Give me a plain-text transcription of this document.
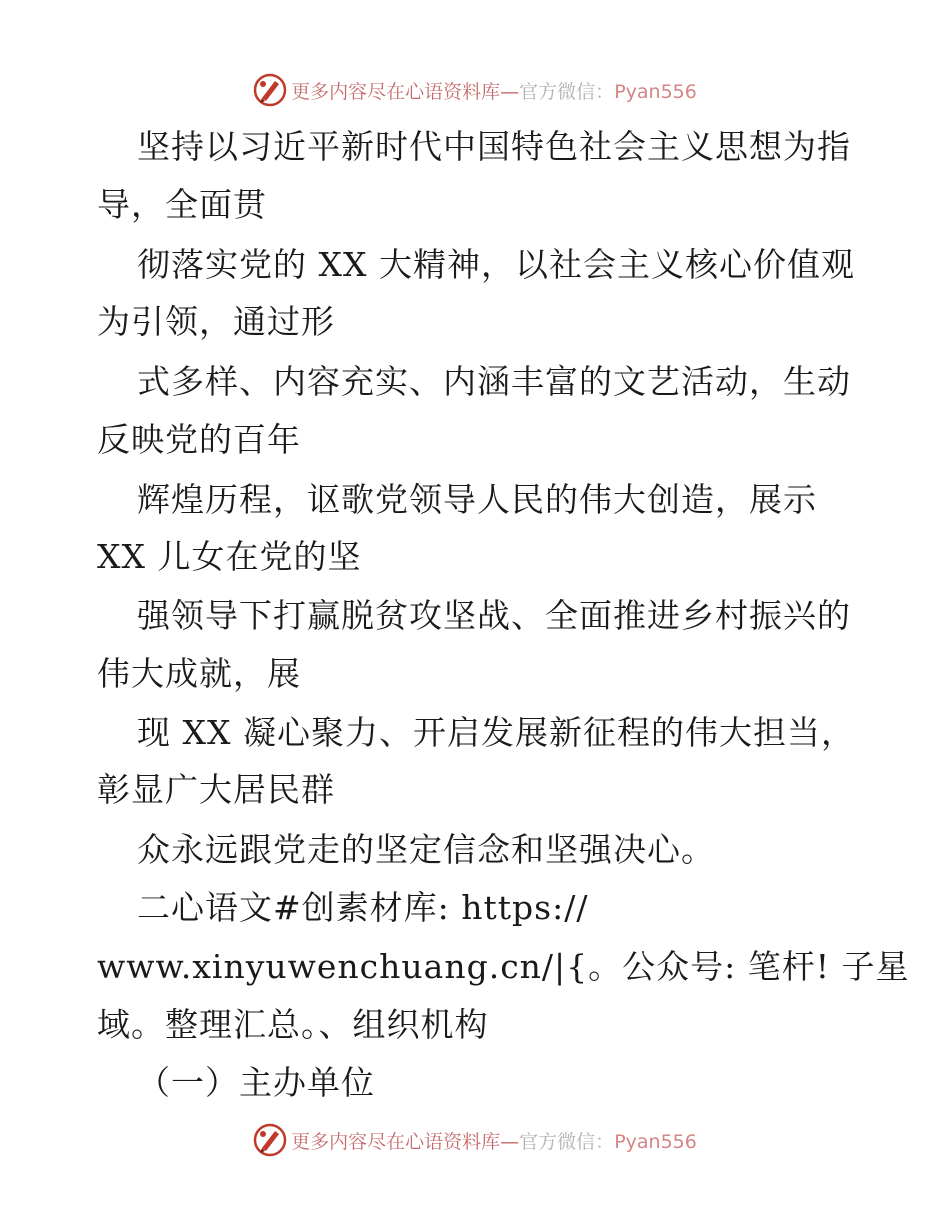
更多内容尽在心语资料库—官方微信：Pyan556
坚持以习近平新时代中国特色社会主义思想为指
导，全面贯
彻落实党的 XX 大精神，以社会主义核心价值观
为引领，通过形
式多样、内容充实、内涵丰富的文艺活动，生动
反映党的百年
辉煌历程，讴歌党领导人民的伟大创造，展示
XX 儿女在党的坚
强领导下打赢脱贫攻坚战、全面推进乡村振兴的
伟大成就，展
现 XX 凝心聚力、开启发展新征程的伟大担当，
彰显广大居民群
众永远跟党走的坚定信念和坚强决心。
二心语文#创素材库: https://
www.xinyuwenchuang.cn/|{。公众号: 笔杆! 子星
域。整理汇总。、组织机构
（一）主办单位
更多内容尽在心语资料库—官方微信：Pyan556
